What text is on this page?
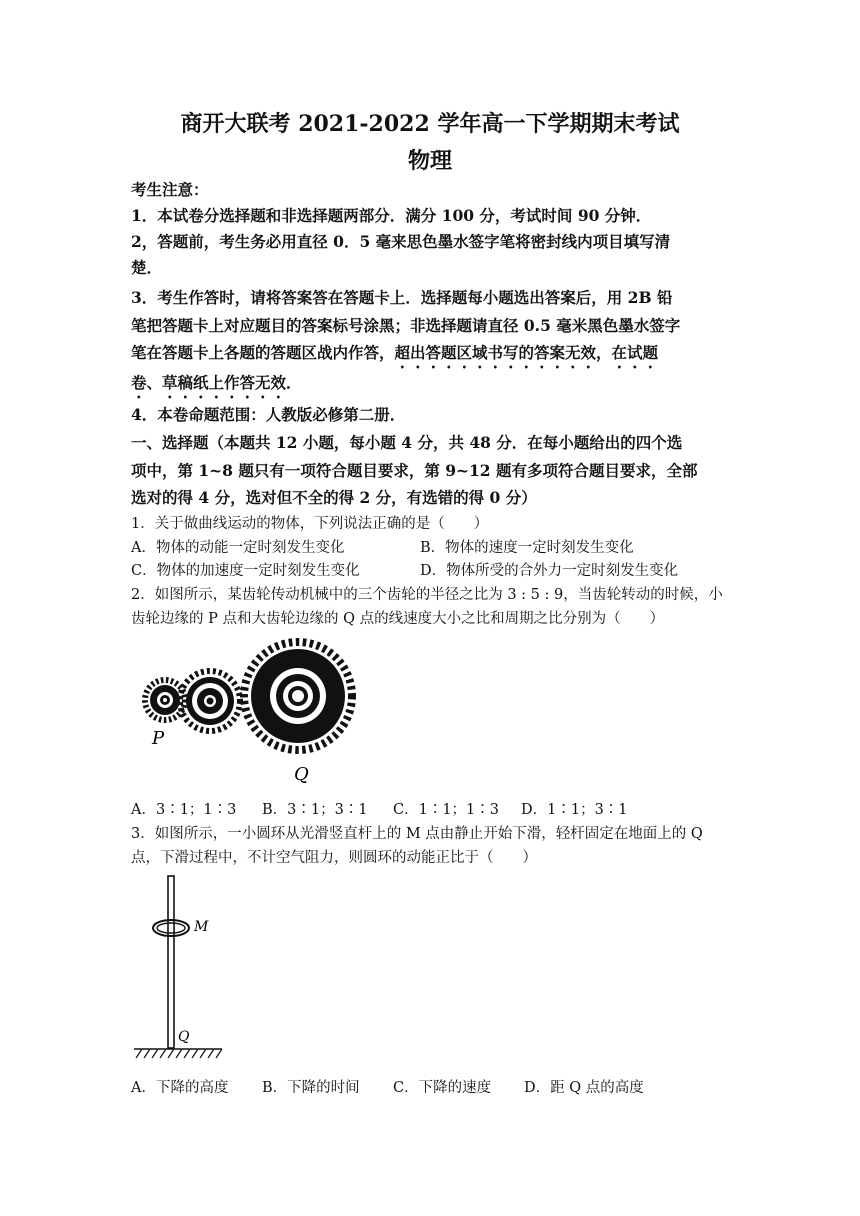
商开大联考 2021-2022 学年高一下学期期末考试
物理
考生注意：
1．本试卷分选择题和非选择题两部分．满分 100 分，考试时间 90 分钟．
2，答题前，考生务必用直径 0．5 毫来思色墨水签字笔将密封线内项目填写清
楚．
3．考生作答时，请将答案答在答题卡上．选择题每小题选出答案后，用 2B 铅
笔把答题卡上对应题目的答案标号涂黑；非选择题请直径 0.5 毫米黑色墨水签字
笔在答题卡上各题的答题区战内作答，超出答题区域书写的答案无效，在试题
卷、草稿纸上作答无效．
4．本卷命题范围：人教版必修第二册．
一、选择题（本题共 12 小题，每小题 4 分，共 48 分．在每小题给出的四个选
项中，第 1~8 题只有一项符合题目要求，第 9~12 题有多项符合题目要求，全部
选对的得 4 分，选对但不全的得 2 分，有选错的得 0 分）
1．关于做曲线运动的物体，下列说法正确的是（　　）
A．物体的动能一定时刻发生变化	B．物体的速度一定时刻发生变化
C．物体的加速度一定时刻发生变化	D．物体所受的合外力一定时刻发生变化
2．如图所示，某齿轮传动机械中的三个齿轮的半径之比为 3 : 5 : 9，当齿轮转动的时候，小
齿轮边缘的 P 点和大齿轮边缘的 Q 点的线速度大小之比和周期之比分别为（　　）
P
Q
A．3∶1；1∶3 B．3∶1；3∶1 C．1∶1；1∶3 D．1∶1；3∶1
3．如图所示，一小圆环从光滑竖直杆上的 M 点由静止开始下滑，轻杆固定在地面上的 Q
点，下滑过程中，不计空气阻力，则圆环的动能正比于（　　）
M
Q
A．下降的高度 B．下降的时间 C．下降的速度 D．距 Q 点的高度
